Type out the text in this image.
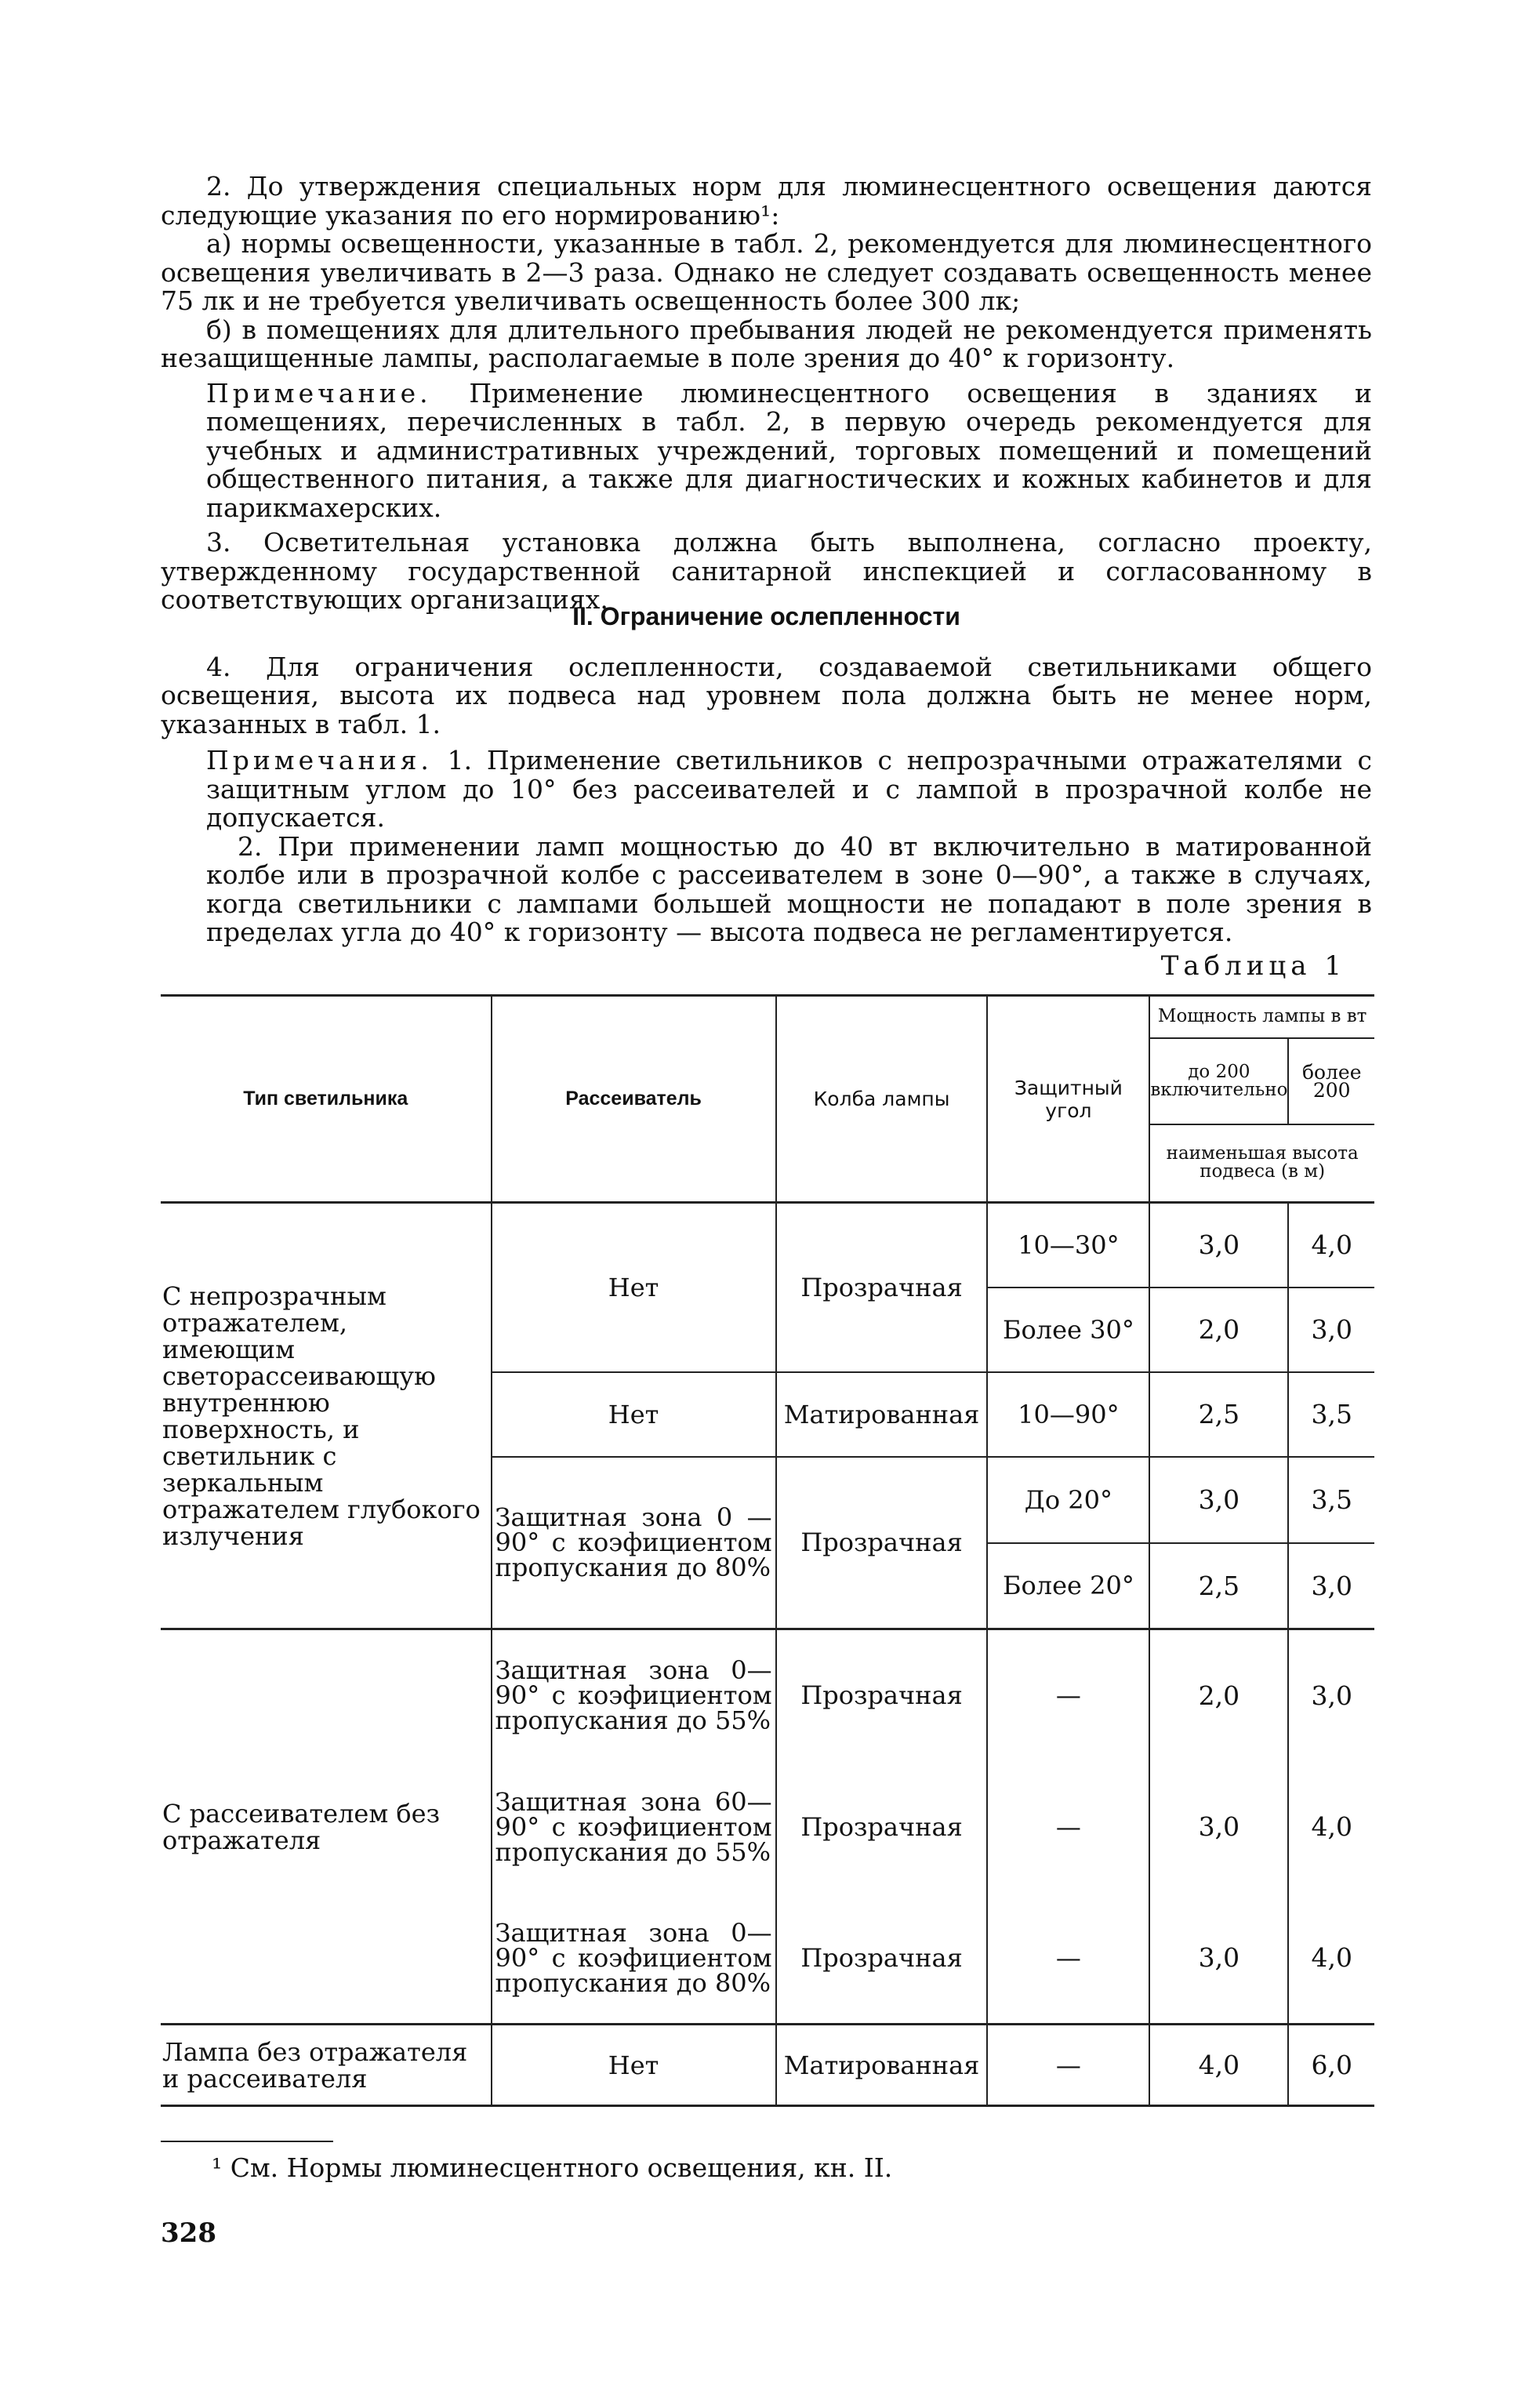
2. До утверждения специальных норм для люминесцентного освещения даются следующие указания по его нормированию¹:

а) нормы освещенности, указанные в табл. 2, рекомендуется для люминесцентного освещения увеличивать в 2—3 раза. Однако не следует создавать освещенность менее 75 лк и не требуется увеличивать освещенность более 300 лк;

б) в помещениях для длительного пребывания людей не рекомендуется применять незащищенные лампы, располагаемые в поле зрения до 40° к горизонту.

Примечание. Применение люминесцентного освещения в зданиях и помещениях, перечисленных в табл. 2, в первую очередь рекомендуется для учебных и административных учреждений, торговых помещений и помещений общественного питания, а также для диагностических и кожных кабинетов и для парикмахерских.

3. Осветительная установка должна быть выполнена, согласно проекту, утвержденному государственной санитарной инспекцией и согласованному в соответствующих организациях.

II. Ограничение ослепленности

4. Для ограничения ослепленности, создаваемой светильниками общего освещения, высота их подвеса над уровнем пола должна быть не менее норм, указанных в табл. 1.

Примечания. 1. Применение светильников с непрозрачными отражателями с защитным углом до 10° без рассеивателей и с лампой в прозрачной колбе не допускается.

2. При применении ламп мощностью до 40 вт включительно в матированной колбе или в прозрачной колбе с рассеивателем в зоне 0—90°, а также в случаях, когда светильники с лампами большей мощности не попадают в поле зрения в пределах угла до 40° к горизонту — высота подвеса не регламентируется.

Таблица 1
Тип светильника	Рассеиватель	Колба лампы	Защитный угол	Мощность лампы в вт	
				до 200 включительно	более 200

				наименьшая высота подвеса (в м)	
С непрозрачным отражателем, имеющим светорассеивающую внутреннюю поверхность, и светильник с зеркальным отражателем глубокого излучения	Нет	Прозрачная	10—30°	3,0	4,0
			Более 30°	2,0	3,0
	Нет	Матированная	10—90°	2,5	3,5
	Защитная зона 0 — 90° с коэфициентом пропускания до 80%	Прозрачная	До 20°	3,0	3,5
			Более 20°	2,5	3,0
С рассеивателем без отражателя	Защитная зона 0—90° с коэфициентом пропускания до 55%	Прозрачная	—	2,0	3,0
	Защитная зона 60—90° с коэфициентом пропускания до 55%	Прозрачная	—	3,0	4,0
	Защитная зона 0—90° с коэфициентом пропускания до 80%	Прозрачная	—	3,0	4,0
Лампа без отражателя и рассеивателя	Нет	Матированная	—	4,0	6,0
¹ См. Нормы люминесцентного освещения, кн. II.
328
